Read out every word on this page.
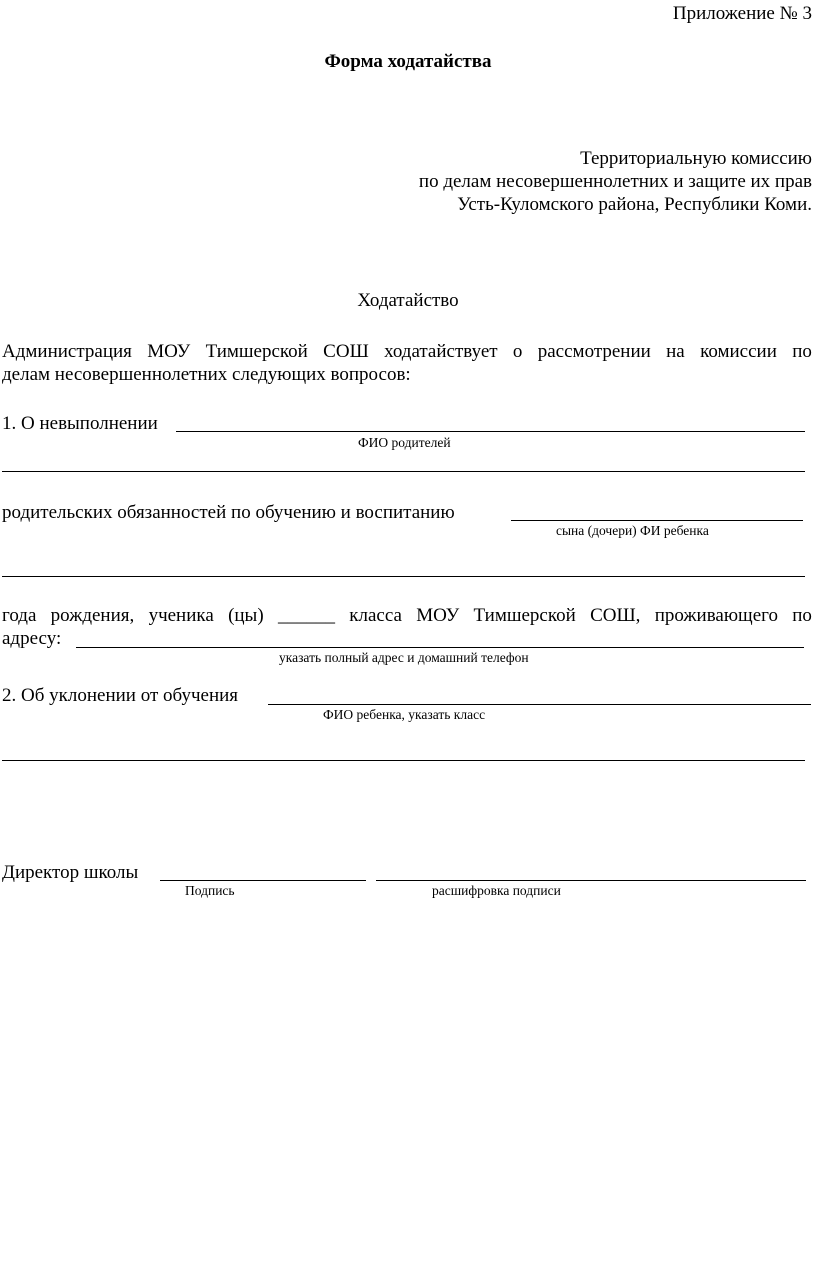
Приложение № 3
Форма ходатайства
Территориальную комиссию
по делам несовершеннолетних и защите их прав
Усть-Куломского района, Республики Коми.
Ходатайство
Администрация МОУ Тимшерской СОШ ходатайствует о рассмотрении на комиссии по
делам несовершеннолетних следующих вопросов:
1. О невыполнении
ФИО родителей
родительских обязанностей по обучению и воспитанию
сына (дочери) ФИ ребенка
года рождения, ученика (цы) ______ класса МОУ Тимшерской СОШ, проживающего по
адресу:
указать полный адрес и домашний телефон
2. Об уклонении от обучения
ФИО ребенка, указать класс
Директор школы
Подпись	расшифровка подписи
